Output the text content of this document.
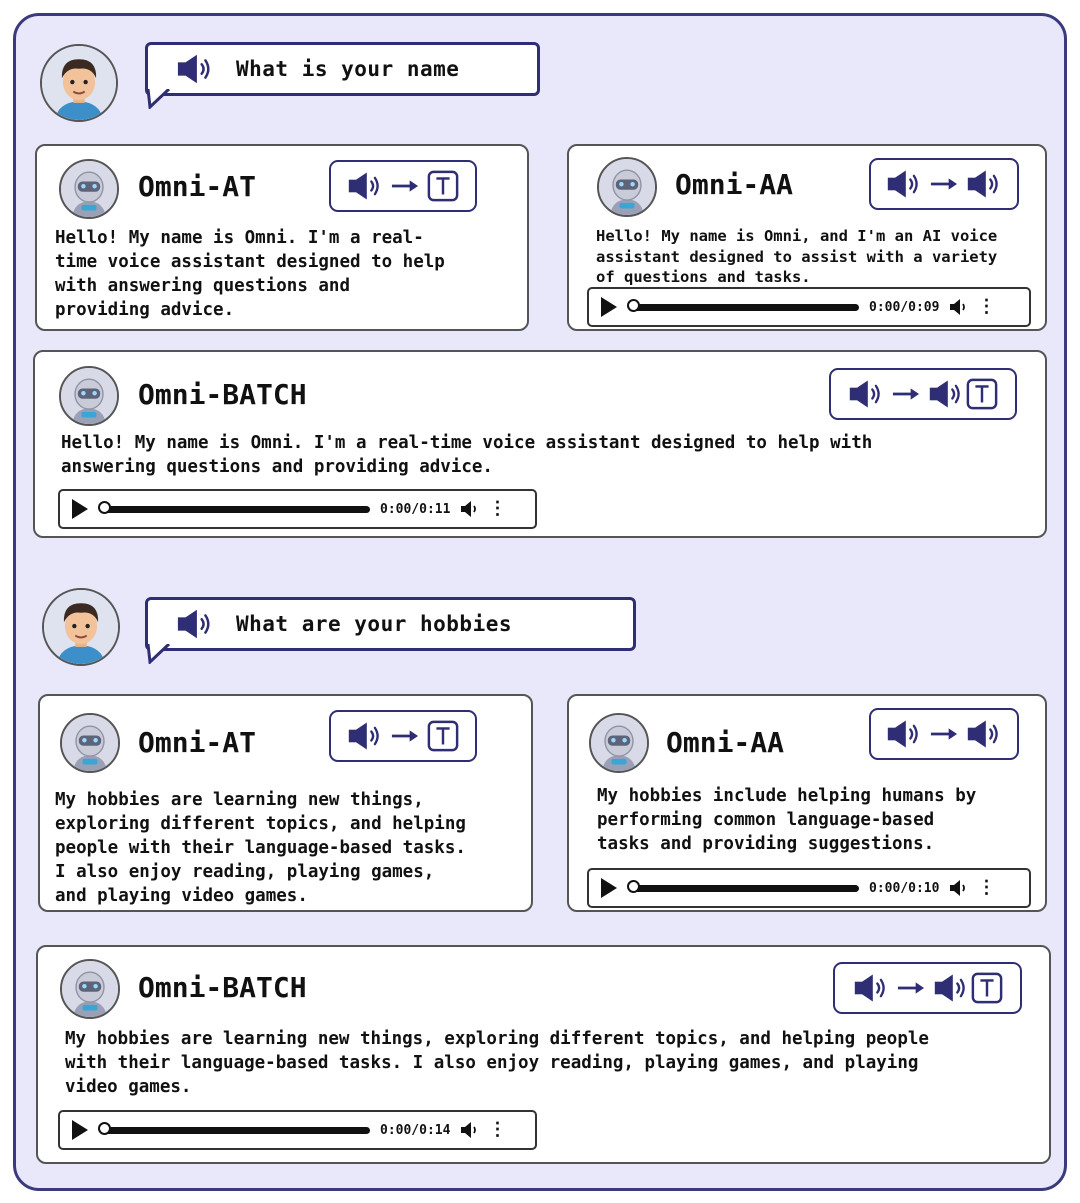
What is your name
Omni-AT
Hello! My name is Omni. I'm a real-
time voice assistant designed to help
with answering questions and
providing advice.
Omni-AA
Hello! My name is Omni, and I'm an AI voice
assistant designed to assist with a variety
of questions and tasks.
0:00/0:09 ⋮
Omni-BATCH
Hello! My name is Omni. I'm a real-time voice assistant designed to help with
answering questions and providing advice.
0:00/0:11 ⋮
What are your hobbies
Omni-AT
My hobbies are learning new things,
exploring different topics, and helping
people with their language-based tasks.
I also enjoy reading, playing games,
and playing video games.
Omni-AA
My hobbies include helping humans by
performing common language-based
tasks and providing suggestions.
0:00/0:10 ⋮
Omni-BATCH
My hobbies are learning new things, exploring different topics, and helping people
with their language-based tasks. I also enjoy reading, playing games, and playing
video games.
0:00/0:14 ⋮
